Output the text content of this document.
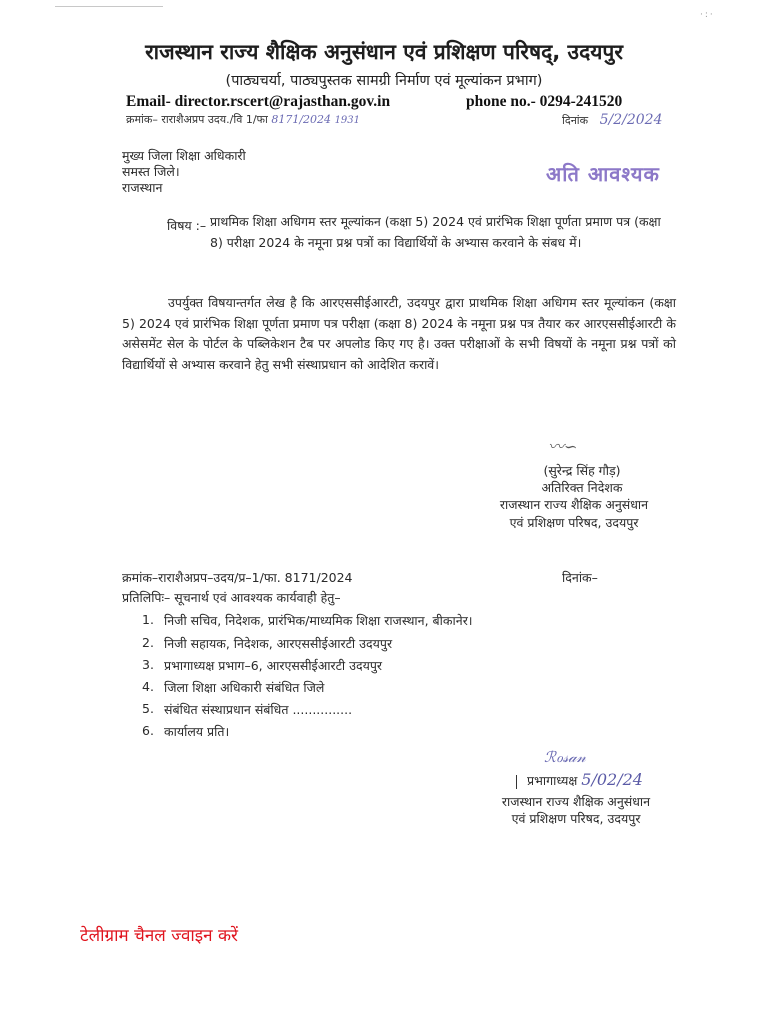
·:·
राजस्थान राज्य शैक्षिक अनुसंधान एवं प्रशिक्षण परिषद्, उदयपुर
(पाठ्यचर्या, पाठ्यपुस्तक सामग्री निर्माण एवं मूल्यांकन प्रभाग)
Email- director.rscert@rajasthan.gov.in	phone no.- 0294-241520
क्रमांक– राराशैअप्रप उदय./वि 1/फा 8171/2024 1931	दिनांक 5/2/2024
मुख्य जिला शिक्षा अधिकारी
समस्त जिले।
राजस्थान
अति आवश्यक
विषय :– प्राथमिक शिक्षा अधिगम स्तर मूल्यांकन (कक्षा 5) 2024 एवं प्रारंभिक शिक्षा पूर्णता प्रमाण पत्र (कक्षा 8) परीक्षा 2024 के नमूना प्रश्न पत्रों का विद्यार्थियों के अभ्यास करवाने के संबध में।
उपर्युक्त विषयान्तर्गत लेख है कि आरएससीईआरटी, उदयपुर द्वारा प्राथमिक शिक्षा अधिगम स्तर मूल्यांकन (कक्षा 5) 2024 एवं प्रारंभिक शिक्षा पूर्णता प्रमाण पत्र परीक्षा (कक्षा 8) 2024 के नमूना प्रश्न पत्र तैयार कर आरएससीईआरटी के असेसमेंट सेल के पोर्टल के पब्लिकेशन टैब पर अपलोड किए गए है। उक्त परीक्षाओं के सभी विषयों के नमूना प्रश्न पत्रों को विद्यार्थियों से अभ्यास करवाने हेतु सभी संस्थाप्रधान को आदेशित करावें।
〰∽
(सुरेन्द्र सिंह गौड़)
अतिरिक्त निदेशक
राजस्थान राज्य शैक्षिक अनुसंधान
एवं प्रशिक्षण परिषद, उदयपुर
क्रमांक–राराशैअप्रप–उदय/प्र–1/फा. 8171/2024	दिनांक–
प्रतिलिपिः– सूचनार्थ एवं आवश्यक कार्यवाही हेतु–
1. निजी सचिव, निदेशक, प्रारंभिक/माध्यमिक शिक्षा राजस्थान, बीकानेर।
2. निजी सहायक, निदेशक, आरएससीईआरटी उदयपुर
3. प्रभागाध्यक्ष प्रभाग–6, आरएससीईआरटी उदयपुर
4. जिला शिक्षा अधिकारी संबंधित जिले
5. संबंधित संस्थाप्रधान संबंधित ...............
6. कार्यालय प्रति।
ℛℴ𝓈𝒶𝓃
प्रभागाध्यक्ष 5/02/24
राजस्थान राज्य शैक्षिक अनुसंधान
एवं प्रशिक्षण परिषद, उदयपुर
टेलीग्राम चैनल ज्वाइन करें
